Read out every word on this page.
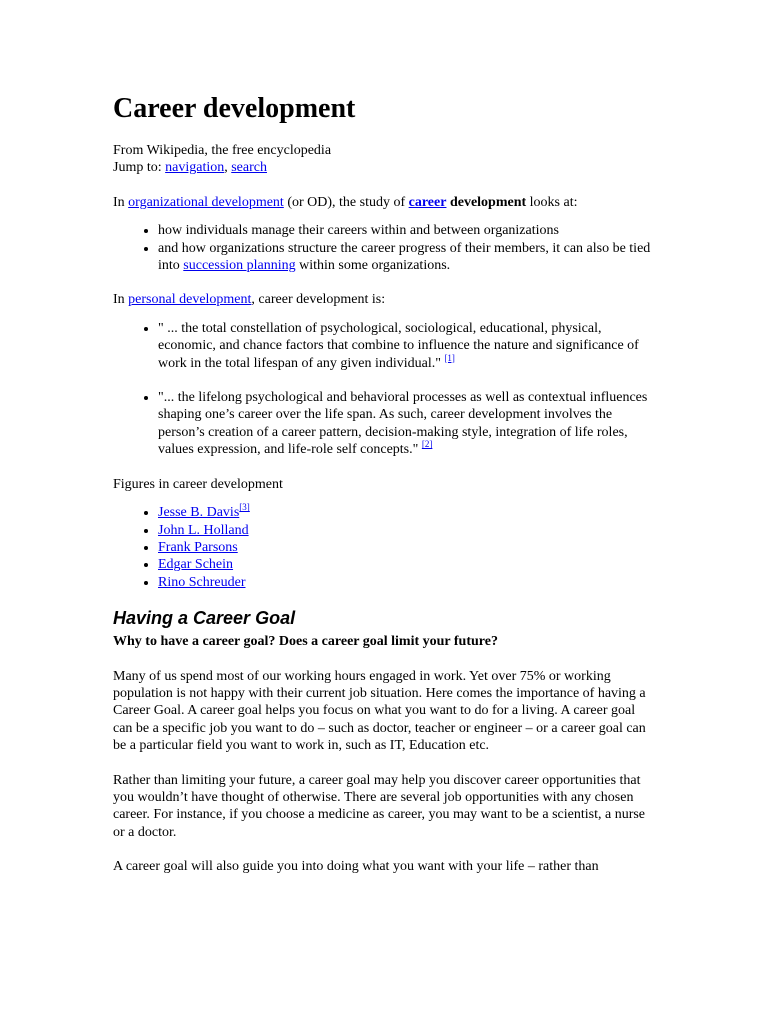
Career development

From Wikipedia, the free encyclopedia

Jump to: navigation, search

In organizational development (or OD), the study of career development looks at:

• how individuals manage their careers within and between organizations
• and how organizations structure the career progress of their members, it can also be tied into succession planning within some organizations.

In personal development, career development is:

• " ... the total constellation of psychological, sociological, educational, physical, economic, and chance factors that combine to influence the nature and significance of work in the total lifespan of any given individual." [1]
• "... the lifelong psychological and behavioral processes as well as contextual influences shaping one’s career over the life span. As such, career development involves the person’s creation of a career pattern, decision-making style, integration of life roles, values expression, and life-role self concepts." [2]

Figures in career development

• Jesse B. Davis[3]
• John L. Holland
• Frank Parsons
• Edgar Schein
• Rino Schreuder
Having a Career Goal

Why to have a career goal? Does a career goal limit your future?

Many of us spend most of our working hours engaged in work. Yet over 75% or working population is not happy with their current job situation. Here comes the importance of having a Career Goal. A career goal helps you focus on what you want to do for a living. A career goal can be a specific job you want to do – such as doctor, teacher or engineer – or a career goal can be a particular field you want to work in, such as IT, Education etc.

Rather than limiting your future, a career goal may help you discover career opportunities that you wouldn’t have thought of otherwise. There are several job opportunities with any chosen career. For instance, if you choose a medicine as career, you may want to be a scientist, a nurse or a doctor.

A career goal will also guide you into doing what you want with your life – rather than
